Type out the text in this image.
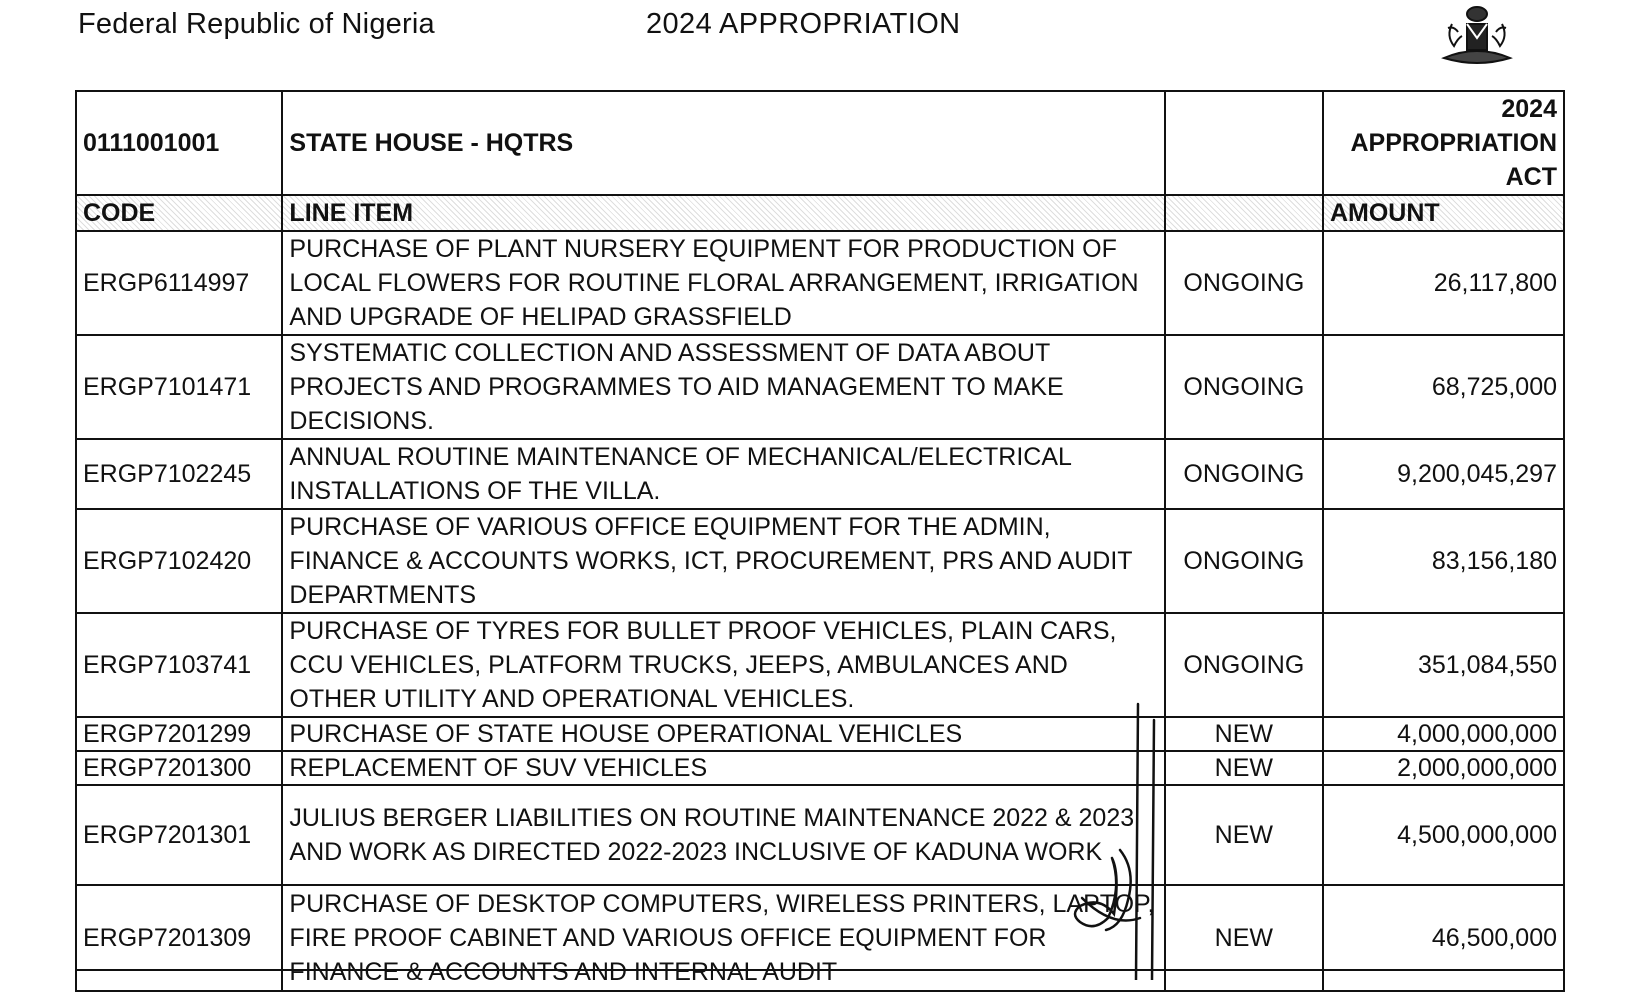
Federal Republic of Nigeria	2024 APPROPRIATION
0111001001	STATE HOUSE - HQTRS		2024
APPROPRIATION
ACT

CODE	LINE ITEM		AMOUNT
ERGP6114997	PURCHASE OF PLANT NURSERY EQUIPMENT FOR PRODUCTION OF LOCAL FLOWERS FOR ROUTINE FLORAL ARRANGEMENT, IRRIGATION AND UPGRADE OF HELIPAD GRASSFIELD	ONGOING	26,117,800
ERGP7101471	SYSTEMATIC COLLECTION AND ASSESSMENT OF DATA ABOUT PROJECTS AND PROGRAMMES TO AID MANAGEMENT TO MAKE DECISIONS.	ONGOING	68,725,000
ERGP7102245	ANNUAL ROUTINE MAINTENANCE OF MECHANICAL/ELECTRICAL INSTALLATIONS OF THE VILLA.	ONGOING	9,200,045,297
ERGP7102420	PURCHASE OF VARIOUS OFFICE EQUIPMENT FOR THE ADMIN, FINANCE & ACCOUNTS WORKS, ICT, PROCUREMENT, PRS AND AUDIT DEPARTMENTS	ONGOING	83,156,180
ERGP7103741	PURCHASE OF TYRES FOR BULLET PROOF VEHICLES, PLAIN CARS, CCU VEHICLES, PLATFORM TRUCKS, JEEPS, AMBULANCES AND OTHER UTILITY AND OPERATIONAL VEHICLES.	ONGOING	351,084,550
ERGP7201299	PURCHASE OF STATE HOUSE OPERATIONAL VEHICLES	NEW	4,000,000,000
ERGP7201300	REPLACEMENT OF SUV VEHICLES	NEW	2,000,000,000
ERGP7201301	JULIUS BERGER LIABILITIES ON ROUTINE MAINTENANCE 2022 & 2023 AND WORK AS DIRECTED 2022-2023 INCLUSIVE OF KADUNA WORK	NEW	4,500,000,000
ERGP7201309	PURCHASE OF DESKTOP COMPUTERS, WIRELESS PRINTERS, LAPTOP, FIRE PROOF CABINET AND VARIOUS OFFICE EQUIPMENT FOR FINANCE & ACCOUNTS AND INTERNAL AUDIT	NEW	46,500,000
